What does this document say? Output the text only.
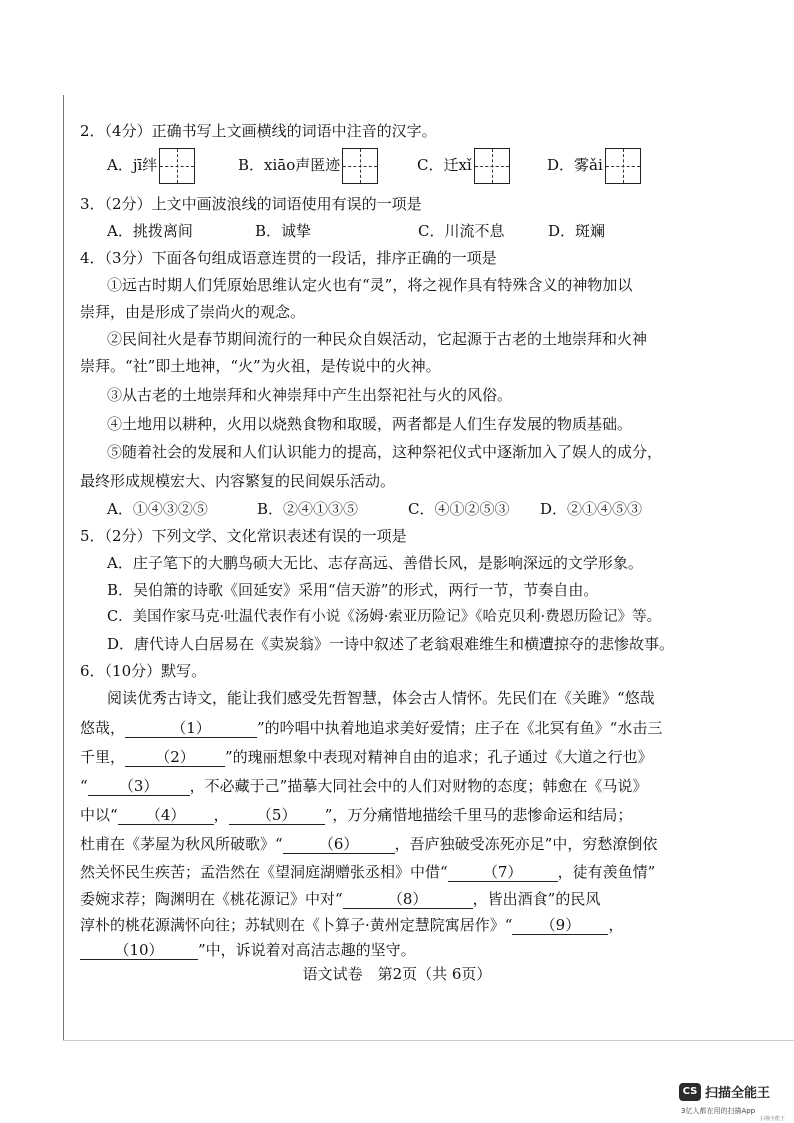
2．（4分）正确书写上文画横线的词语中注音的汉字。
A．jī绊	B．xiāo声匿迹	C．迁xǐ	D．雾ǎi
3．（2分）上文中画波浪线的词语使用有误的一项是
A．挑拨离间	B．诚挚	C．川流不息	D．斑斓
4．（3分）下面各句组成语意连贯的一段话，排序正确的一项是
①远古时期人们凭原始思维认定火也有“灵”，将之视作具有特殊含义的神物加以
崇拜，由是形成了崇尚火的观念。
②民间社火是春节期间流行的一种民众自娱活动，它起源于古老的土地崇拜和火神
崇拜。“社”即土地神，“火”为火祖，是传说中的火神。
③从古老的土地崇拜和火神崇拜中产生出祭祀社与火的风俗。
④土地用以耕种，火用以烧熟食物和取暖，两者都是人们生存发展的物质基础。
⑤随着社会的发展和人们认识能力的提高，这种祭祀仪式中逐渐加入了娱人的成分，
最终形成规模宏大、内容繁复的民间娱乐活动。
A．①④③②⑤	B．②④①③⑤	C．④①②⑤③ D．②①④⑤③
5．（2分）下列文学、文化常识表述有误的一项是
A．庄子笔下的大鹏鸟硕大无比、志存高远、善借长风，是影响深远的文学形象。
B．吴伯箫的诗歌《回延安》采用“信天游”的形式，两行一节，节奏自由。
C．美国作家马克·吐温代表作有小说《汤姆·索亚历险记》《哈克贝利·费恩历险记》等。
D．唐代诗人白居易在《卖炭翁》一诗中叙述了老翁艰难维生和横遭掠夺的悲惨故事。
6．（10分）默写。
阅读优秀古诗文，能让我们感受先哲智慧，体会古人情怀。先民们在《关雎》“悠哉
悠哉，	（1）	”的吟唱中执着地追求美好爱情；庄子在《北冥有鱼》“水击三
千里， （2） ”的瑰丽想象中表现对精神自由的追求；孔子通过《大道之行也》
“ （3） ，不必藏于己”描摹大同社会中的人们对财物的态度；韩愈在《马说》
中以“ （4） ， （5） ”，万分痛惜地描绘千里马的悲惨命运和结局；
杜甫在《茅屋为秋风所破歌》“ （6） ，吾庐独破受冻死亦足”中，穷愁潦倒依
然关怀民生疾苦；孟浩然在《望洞庭湖赠张丞相》中借“ （7） ，徒有羡鱼情”
委婉求荐；陶渊明在《桃花源记》中对“	（8）	，皆出酒食”的民风
淳朴的桃花源满怀向往；苏轼则在《卜算子·黄州定慧院寓居作》“ （9） ，
（10） ”中，诉说着对高洁志趣的坚守。
语文试卷　第2页（共 6页）
CS 扫描全能王
3亿人都在用的扫描App
扫描全能王
